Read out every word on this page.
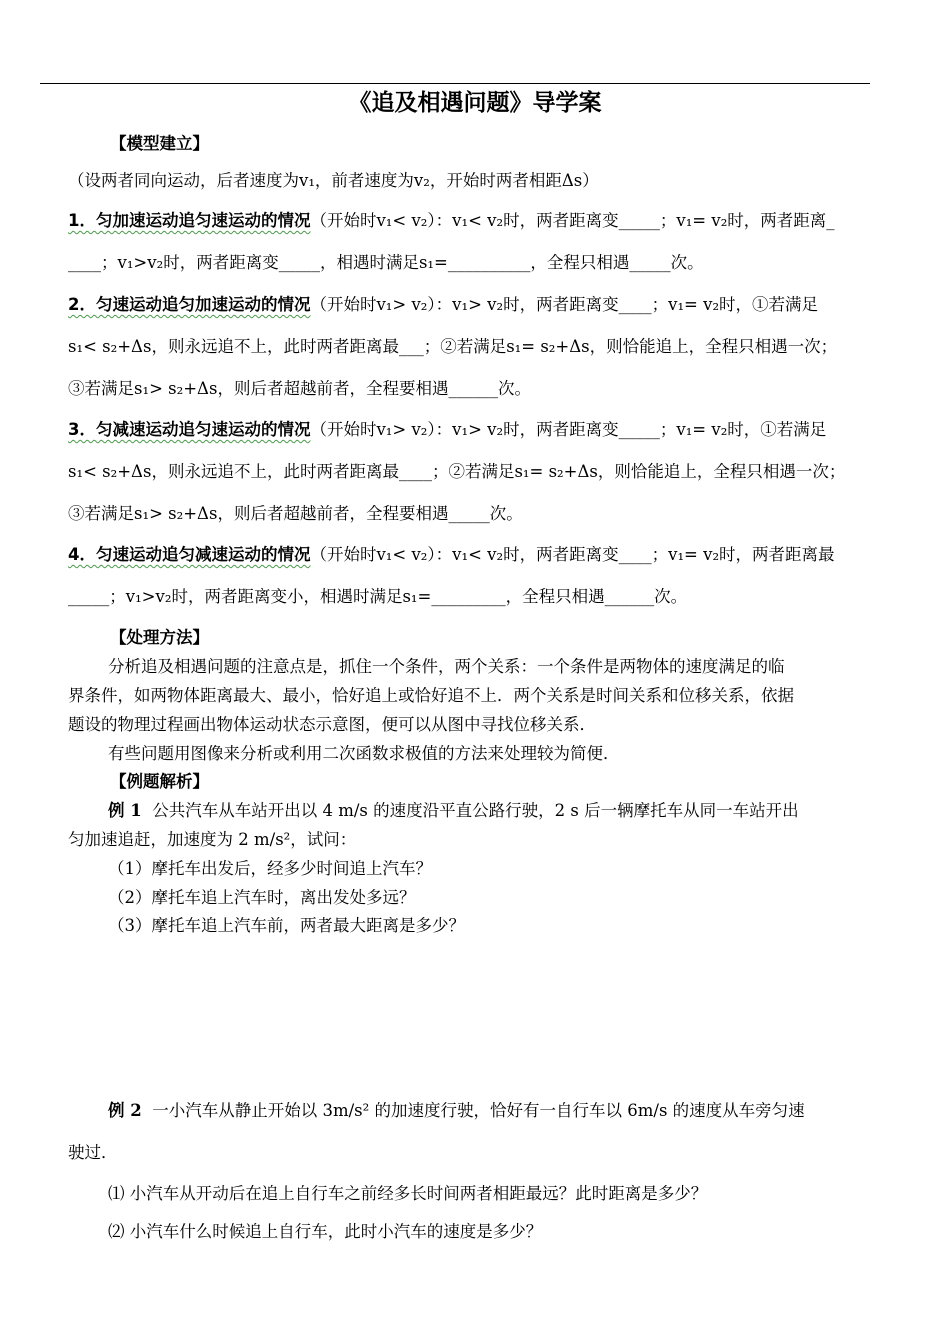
《追及相遇问题》导学案
【模型建立】
（设两者同向运动，后者速度为v₁，前者速度为v₂，开始时两者相距Δs）
1．匀加速运动追匀速运动的情况（开始时v₁< v₂）：v₁< v₂时，两者距离变_____；v₁= v₂时，两者距离_
____；v₁>v₂时，两者距离变_____，相遇时满足s₁=__________，全程只相遇_____次。
2．匀速运动追匀加速运动的情况（开始时v₁> v₂）：v₁> v₂时，两者距离变____；v₁= v₂时，①若满足
s₁< s₂+Δs，则永远追不上，此时两者距离最___；②若满足s₁= s₂+Δs，则恰能追上，全程只相遇一次；
③若满足s₁> s₂+Δs，则后者超越前者，全程要相遇______次。
3．匀减速运动追匀速运动的情况（开始时v₁> v₂）：v₁> v₂时，两者距离变_____；v₁= v₂时，①若满足
s₁< s₂+Δs，则永远追不上，此时两者距离最____；②若满足s₁= s₂+Δs，则恰能追上，全程只相遇一次；
③若满足s₁> s₂+Δs，则后者超越前者，全程要相遇_____次。
4．匀速运动追匀减速运动的情况（开始时v₁< v₂）：v₁< v₂时，两者距离变____；v₁= v₂时，两者距离最
_____；v₁>v₂时，两者距离变小，相遇时满足s₁=_________，全程只相遇______次。
【处理方法】
分析追及相遇问题的注意点是，抓住一个条件，两个关系：一个条件是两物体的速度满足的临
界条件，如两物体距离最大、最小，恰好追上或恰好追不上．两个关系是时间关系和位移关系，依据
题设的物理过程画出物体运动状态示意图，便可以从图中寻找位移关系．
有些问题用图像来分析或利用二次函数求极值的方法来处理较为简便．
【例题解析】
例 1 公共汽车从车站开出以 4 m/s 的速度沿平直公路行驶，2 s 后一辆摩托车从同一车站开出
匀加速追赶，加速度为 2 m/s²，试问：
（1）摩托车出发后，经多少时间追上汽车？
（2）摩托车追上汽车时，离出发处多远？
（3）摩托车追上汽车前，两者最大距离是多少？
例 2 一小汽车从静止开始以 3m/s² 的加速度行驶，恰好有一自行车以 6m/s 的速度从车旁匀速
驶过．
⑴ 小汽车从开动后在追上自行车之前经多长时间两者相距最远？此时距离是多少？
⑵ 小汽车什么时候追上自行车，此时小汽车的速度是多少？
